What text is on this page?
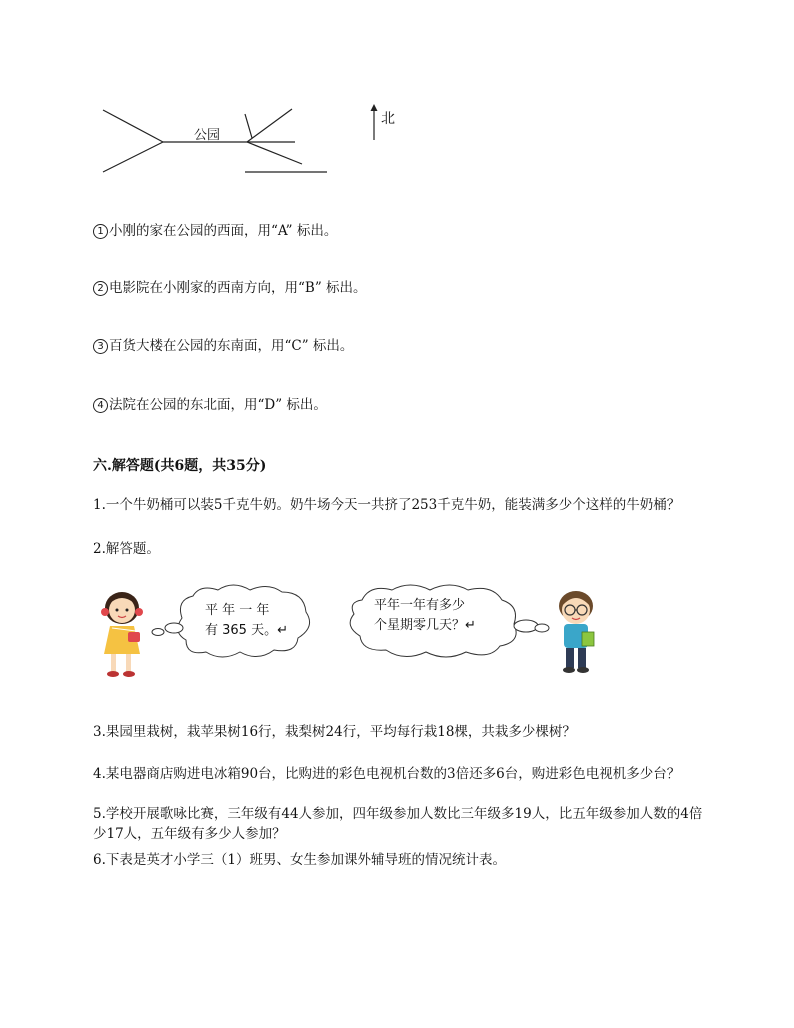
公园
北
1 小刚的家在公园的西面，用“A” 标出。
2 电影院在小刚家的西南方向，用“B” 标出。
3 百货大楼在公园的东南面，用“C” 标出。
4 法院在公园的东北面，用“D” 标出。
六.解答题(共6题，共35分)
1.一个牛奶桶可以装5千克牛奶。奶牛场今天一共挤了253千克牛奶，能装满多少个这样的牛奶桶？
2.解答题。
平 年 一 年
有 365 天。↵
平年一年有多少
个星期零几天？↵
3.果园里栽树，栽苹果树16行，栽梨树24行，平均每行栽18棵，共栽多少棵树？
4.某电器商店购进电冰箱90台，比购进的彩色电视机台数的3倍还多6台，购进彩色电视机多少台？
5.学校开展歌咏比赛，三年级有44人参加，四年级参加人数比三年级多19人，比五年级参加人数的4倍少17人，五年级有多少人参加？
6.下表是英才小学三（1）班男、女生参加课外辅导班的情况统计表。
